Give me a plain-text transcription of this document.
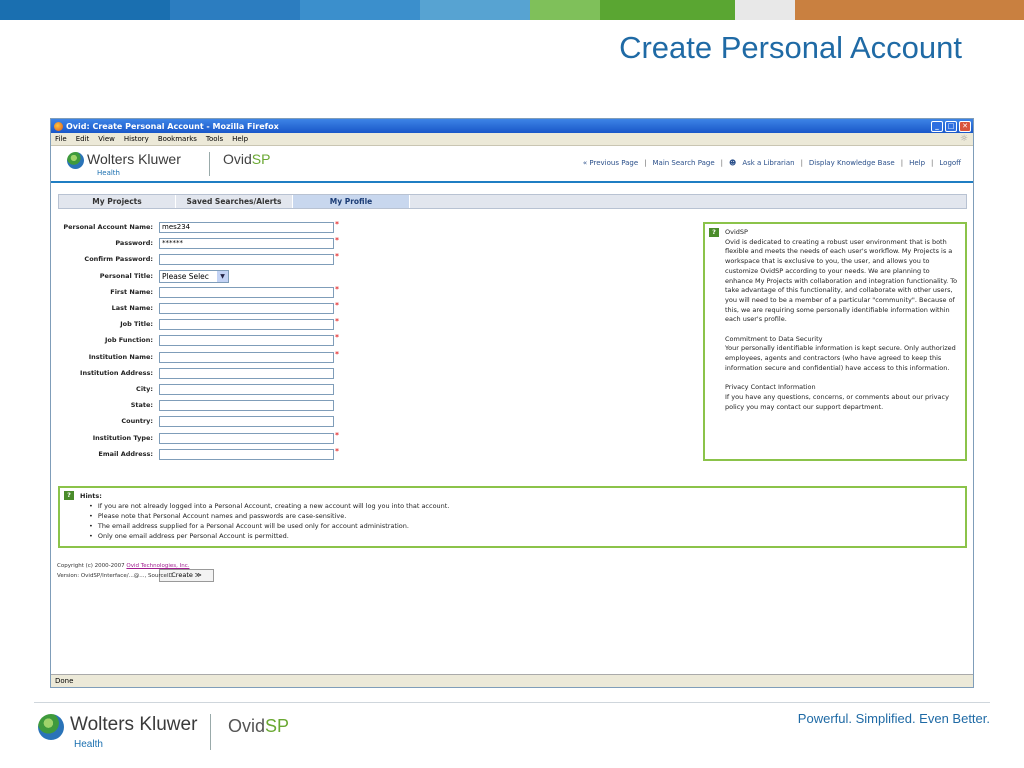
Create Personal Account
Ovid: Create Personal Account - Mozilla Firefox	_	□	✕
File Edit View History Bookmarks Tools Help	☼
Wolters Kluwer
Health
OvidSP	« Previous Page | Main Search Page | ☻ Ask a Librarian | Display Knowledge Base | Help | Logoff
My Projects	Saved Searches/Alerts	My Profile
Personal Account Name:	mes234	*
Password:	******	*
Confirm Password:	*
Personal Title:	Please Selec	▼
First Name:	*
Last Name:	*
Job Title:	*
Job Function:	*
Institution Name:	*
Institution Address:
City:
State:
Country:
Institution Type:	*
Email Address:	*
Create ≫
?	OvidSP
Ovid is dedicated to creating a robust user environment that is both flexible and meets the needs of each user's workflow. My Projects is a workspace that is exclusive to you, the user, and allows you to customize OvidSP according to your needs. We are planning to enhance My Projects with collaboration and integration functionality. To take advantage of this functionality, and collaborate with other users, you will need to be a member of a particular "community". Because of this, we are requiring some personally identifiable information within each user's profile.

Commitment to Data Security
Your personally identifiable information is kept secure. Only authorized employees, agents and contractors (who have agreed to keep this information secure and confidential) have access to this information.

Privacy Contact Information
If you have any questions, concerns, or comments about our privacy policy you may contact our support department.

?	Hints:
• If you are not already logged into a Personal Account, creating a new account will log you into that account.
• Please note that Personal Account names and passwords are case-sensitive.
• The email address supplied for a Personal Account will be used only for account administration.
• Only one email address per Personal Account is permitted.
Copyright (c) 2000-2007 Ovid Technologies, Inc.
Version: OvidSP/Interface/...@..., SourceID
Done
Wolters Kluwer
Health
OvidSP	Powerful. Simplified. Even Better.
